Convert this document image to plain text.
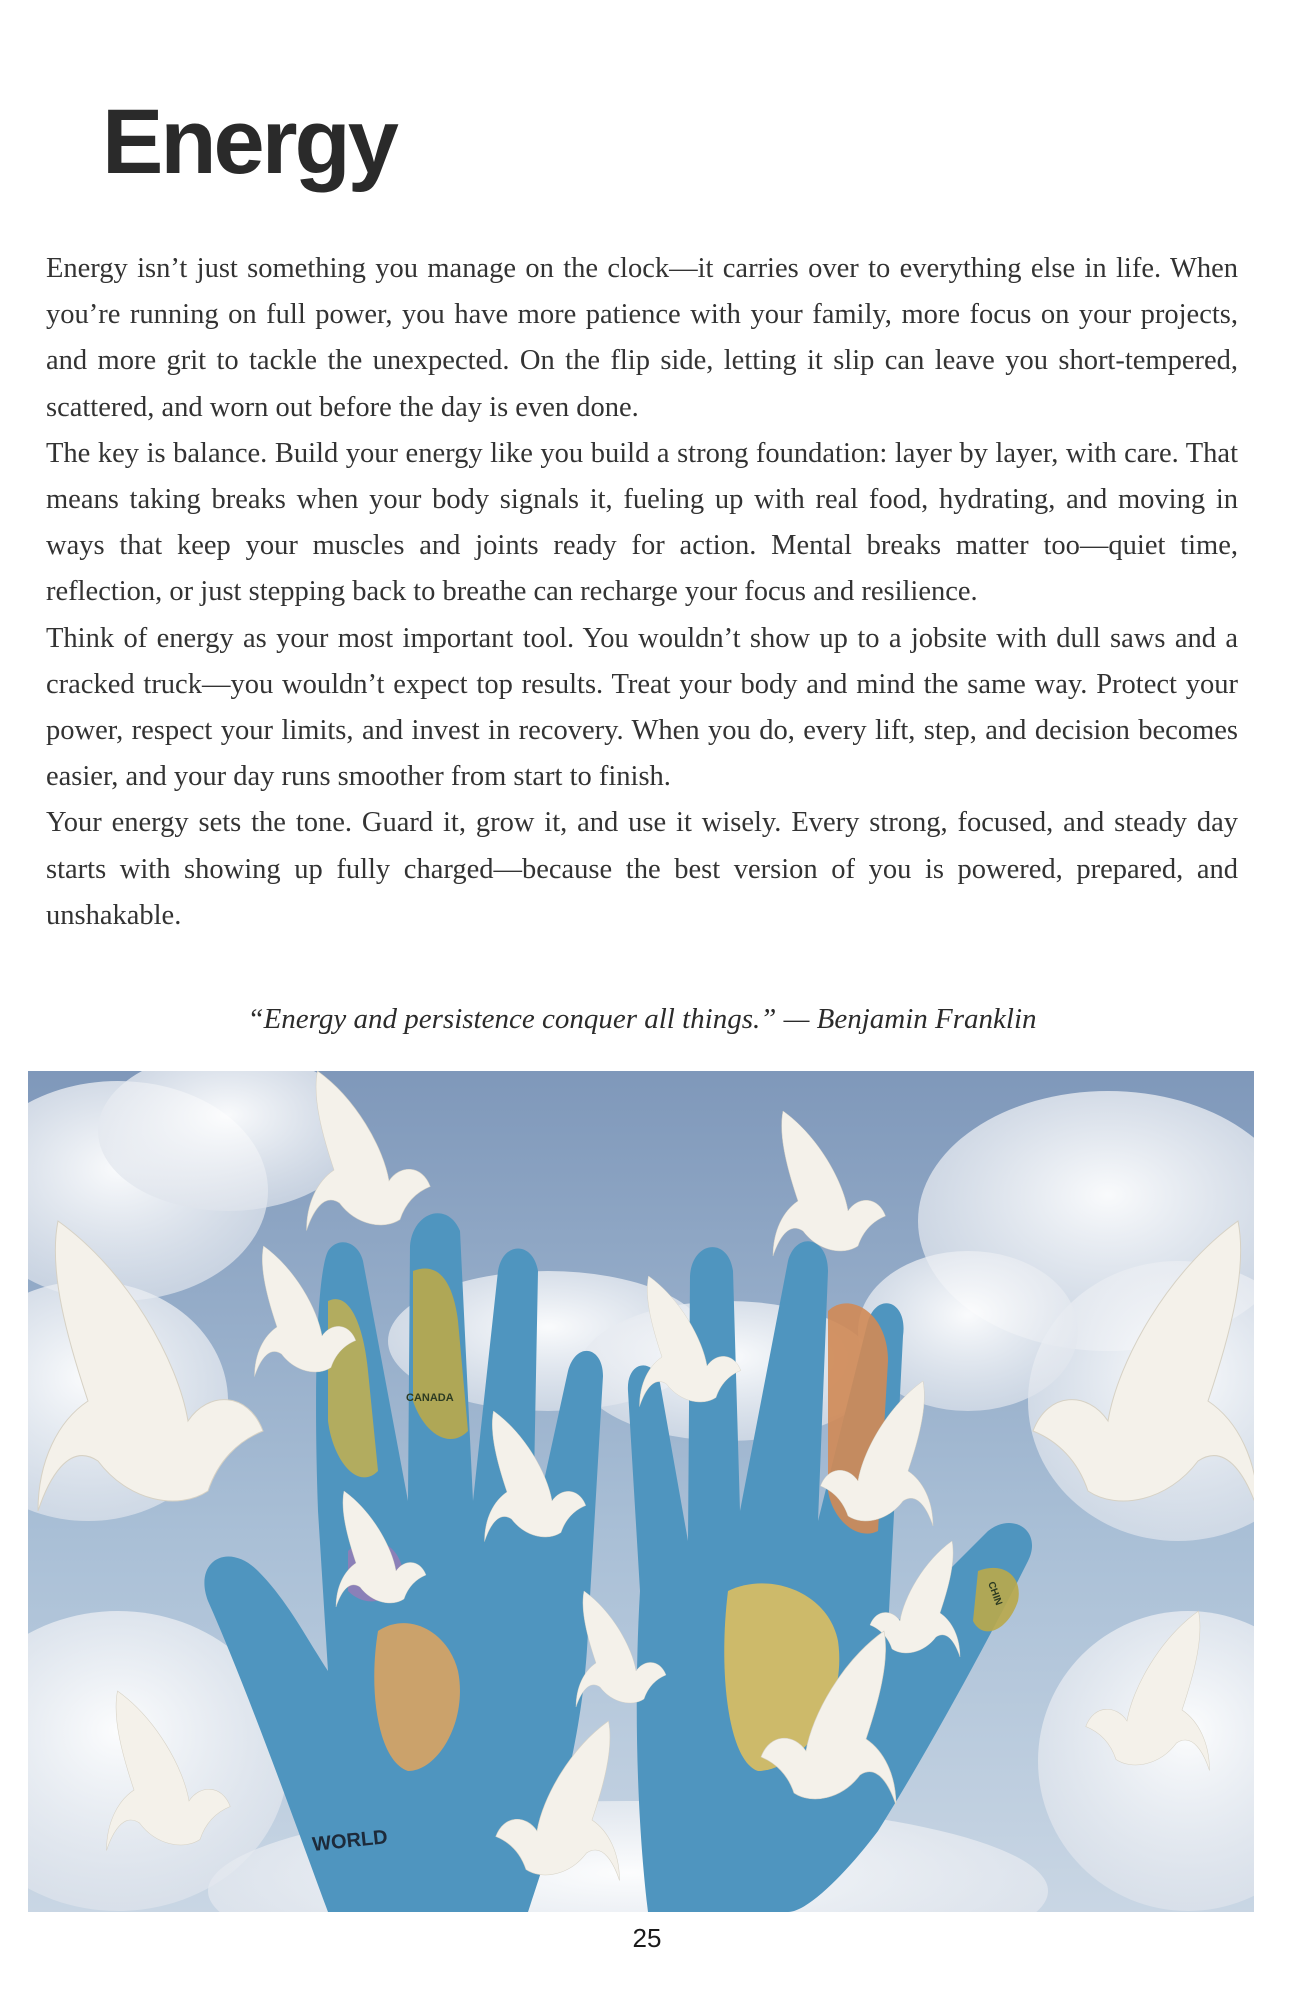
Energy

Energy isn’t just something you manage on the clock—it carries over to everything else in life. When you’re running on full power, you have more patience with your family, more focus on your projects, and more grit to tackle the unexpected. On the flip side, letting it slip can leave you short-tempered, scattered, and worn out before the day is even done.

The key is balance. Build your energy like you build a strong foundation: layer by layer, with care. That means taking breaks when your body signals it, fueling up with real food, hydrating, and moving in ways that keep your muscles and joints ready for action. Mental breaks matter too—quiet time, reflection, or just stepping back to breathe can recharge your focus and resilience.

Think of energy as your most important tool. You wouldn’t show up to a jobsite with dull saws and a cracked truck—you wouldn’t expect top results. Treat your body and mind the same way. Protect your power, respect your limits, and invest in recovery. When you do, every lift, step, and decision becomes easier, and your day runs smoother from start to finish.

Your energy sets the tone. Guard it, grow it, and use it wisely. Every strong, focused, and steady day starts with showing up fully charged—because the best version of you is powered, prepared, and unshakable.

“Energy and persistence conquer all things.” — Benjamin Franklin
WORLD
CANADA
CHIN
25
